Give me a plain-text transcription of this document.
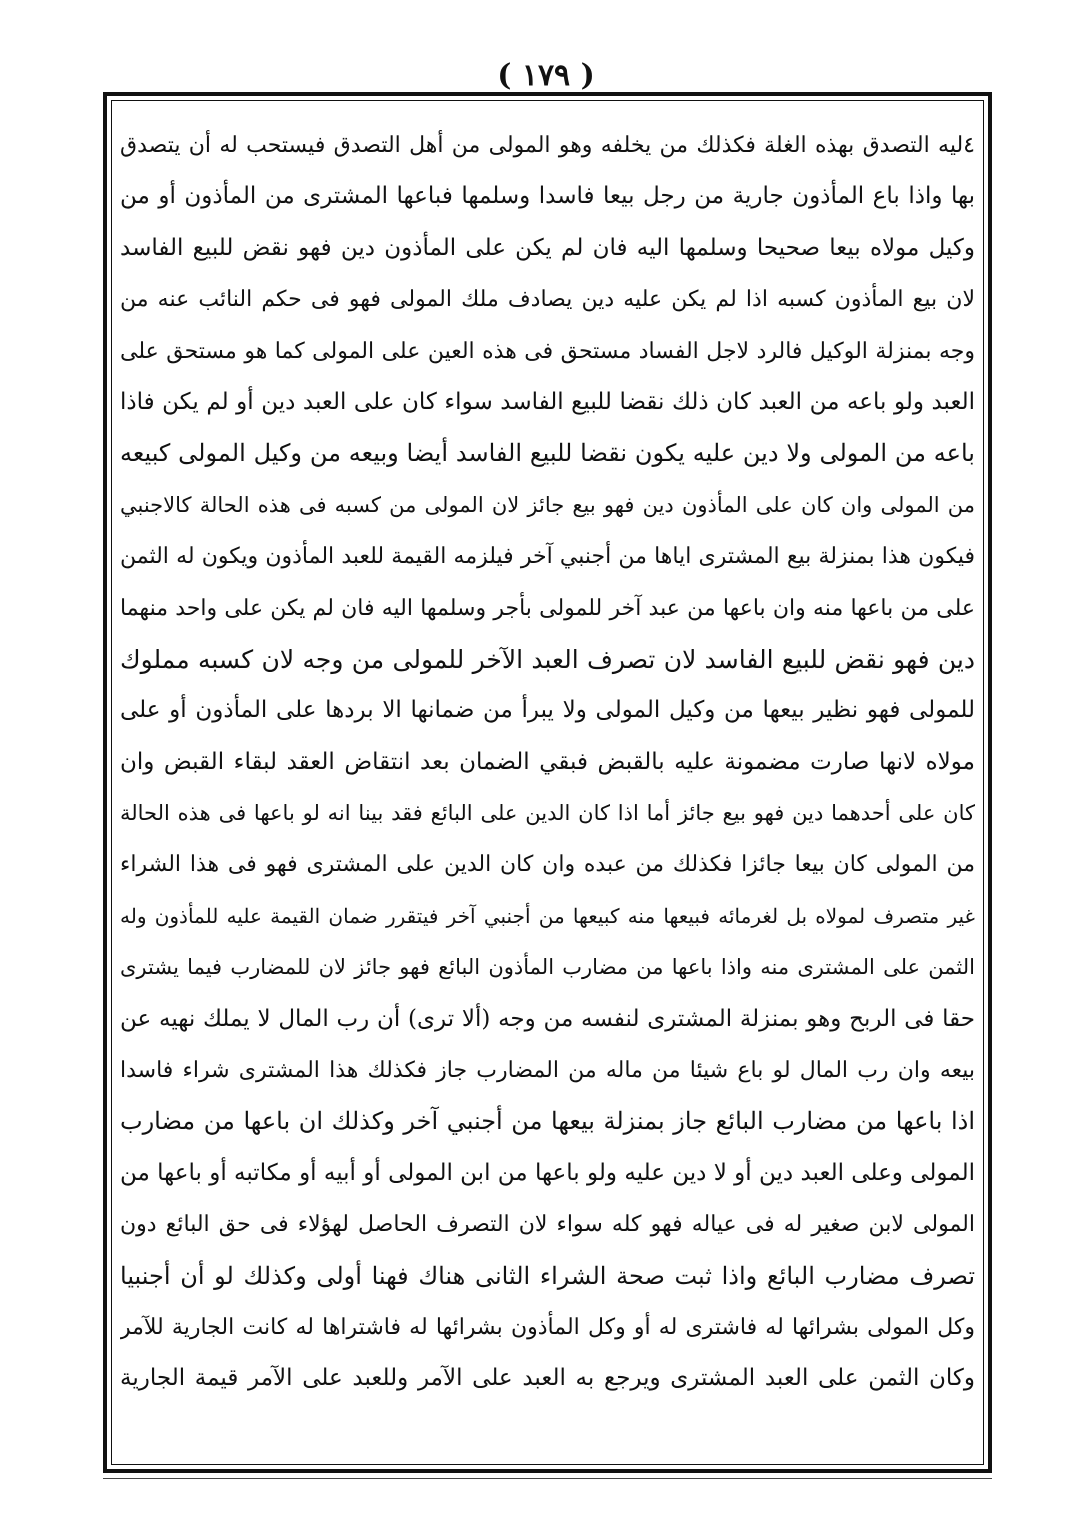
( ١٧٩ )
٤ليه التصدق بهذه الغلة فكذلك من يخلفه وهو المولى من أهل التصدق فيستحب له أن يتصدق
بها واذا باع المأذون جارية من رجل بيعا فاسدا وسلمها فباعها المشترى من المأذون أو من
وكيل مولاه بيعا صحيحا وسلمها اليه فان لم يكن على المأذون دين فهو نقض للبيع الفاسد
لان بيع المأذون كسبه اذا لم يكن عليه دين يصادف ملك المولى فهو فى حكم النائب عنه من
وجه بمنزلة الوكيل فالرد لاجل الفساد مستحق فى هذه العين على المولى كما هو مستحق على
العبد ولو باعه من العبد كان ذلك نقضا للبيع الفاسد سواء كان على العبد دين أو لم يكن فاذا
باعه من المولى ولا دين عليه يكون نقضا للبيع الفاسد أيضا وبيعه من وكيل المولى كبيعه
من المولى وان كان على المأذون دين فهو بيع جائز لان المولى من كسبه فى هذه الحالة كالاجنبي
فيكون هذا بمنزلة بيع المشترى اياها من أجنبي آخر فيلزمه القيمة للعبد المأذون ويكون له الثمن
على من باعها منه وان باعها من عبد آخر للمولى بأجر وسلمها اليه فان لم يكن على واحد منهما
دين فهو نقض للبيع الفاسد لان تصرف العبد الآخر للمولى من وجه لان كسبه مملوك
للمولى فهو نظير بيعها من وكيل المولى ولا يبرأ من ضمانها الا بردها على المأذون أو على
مولاه لانها صارت مضمونة عليه بالقبض فبقي الضمان بعد انتقاض العقد لبقاء القبض وان
كان على أحدهما دين فهو بيع جائز أما اذا كان الدين على البائع فقد بينا انه لو باعها فى هذه الحالة
من المولى كان بيعا جائزا فكذلك من عبده وان كان الدين على المشترى فهو فى هذا الشراء
غير متصرف لمولاه بل لغرمائه فبيعها منه كبيعها من أجنبي آخر فيتقرر ضمان القيمة عليه للمأذون وله
الثمن على المشترى منه واذا باعها من مضارب المأذون البائع فهو جائز لان للمضارب فيما يشترى
حقا فى الربح وهو بمنزلة المشترى لنفسه من وجه (ألا ترى) أن رب المال لا يملك نهيه عن
بيعه وان رب المال لو باع شيئا من ماله من المضارب جاز فكذلك هذا المشترى شراء فاسدا
اذا باعها من مضارب البائع جاز بمنزلة بيعها من أجنبي آخر وكذلك ان باعها من مضارب
المولى وعلى العبد دين أو لا دين عليه ولو باعها من ابن المولى أو أبيه أو مكاتبه أو باعها من
المولى لابن صغير له فى عياله فهو كله سواء لان التصرف الحاصل لهؤلاء فى حق البائع دون
تصرف مضارب البائع واذا ثبت صحة الشراء الثانى هناك فهنا أولى وكذلك لو أن أجنبيا
وكل المولى بشرائها له فاشترى له أو وكل المأذون بشرائها له فاشتراها له كانت الجارية للآمر
وكان الثمن على العبد المشترى ويرجع به العبد على الآمر وللعبد على الآمر قيمة الجارية
